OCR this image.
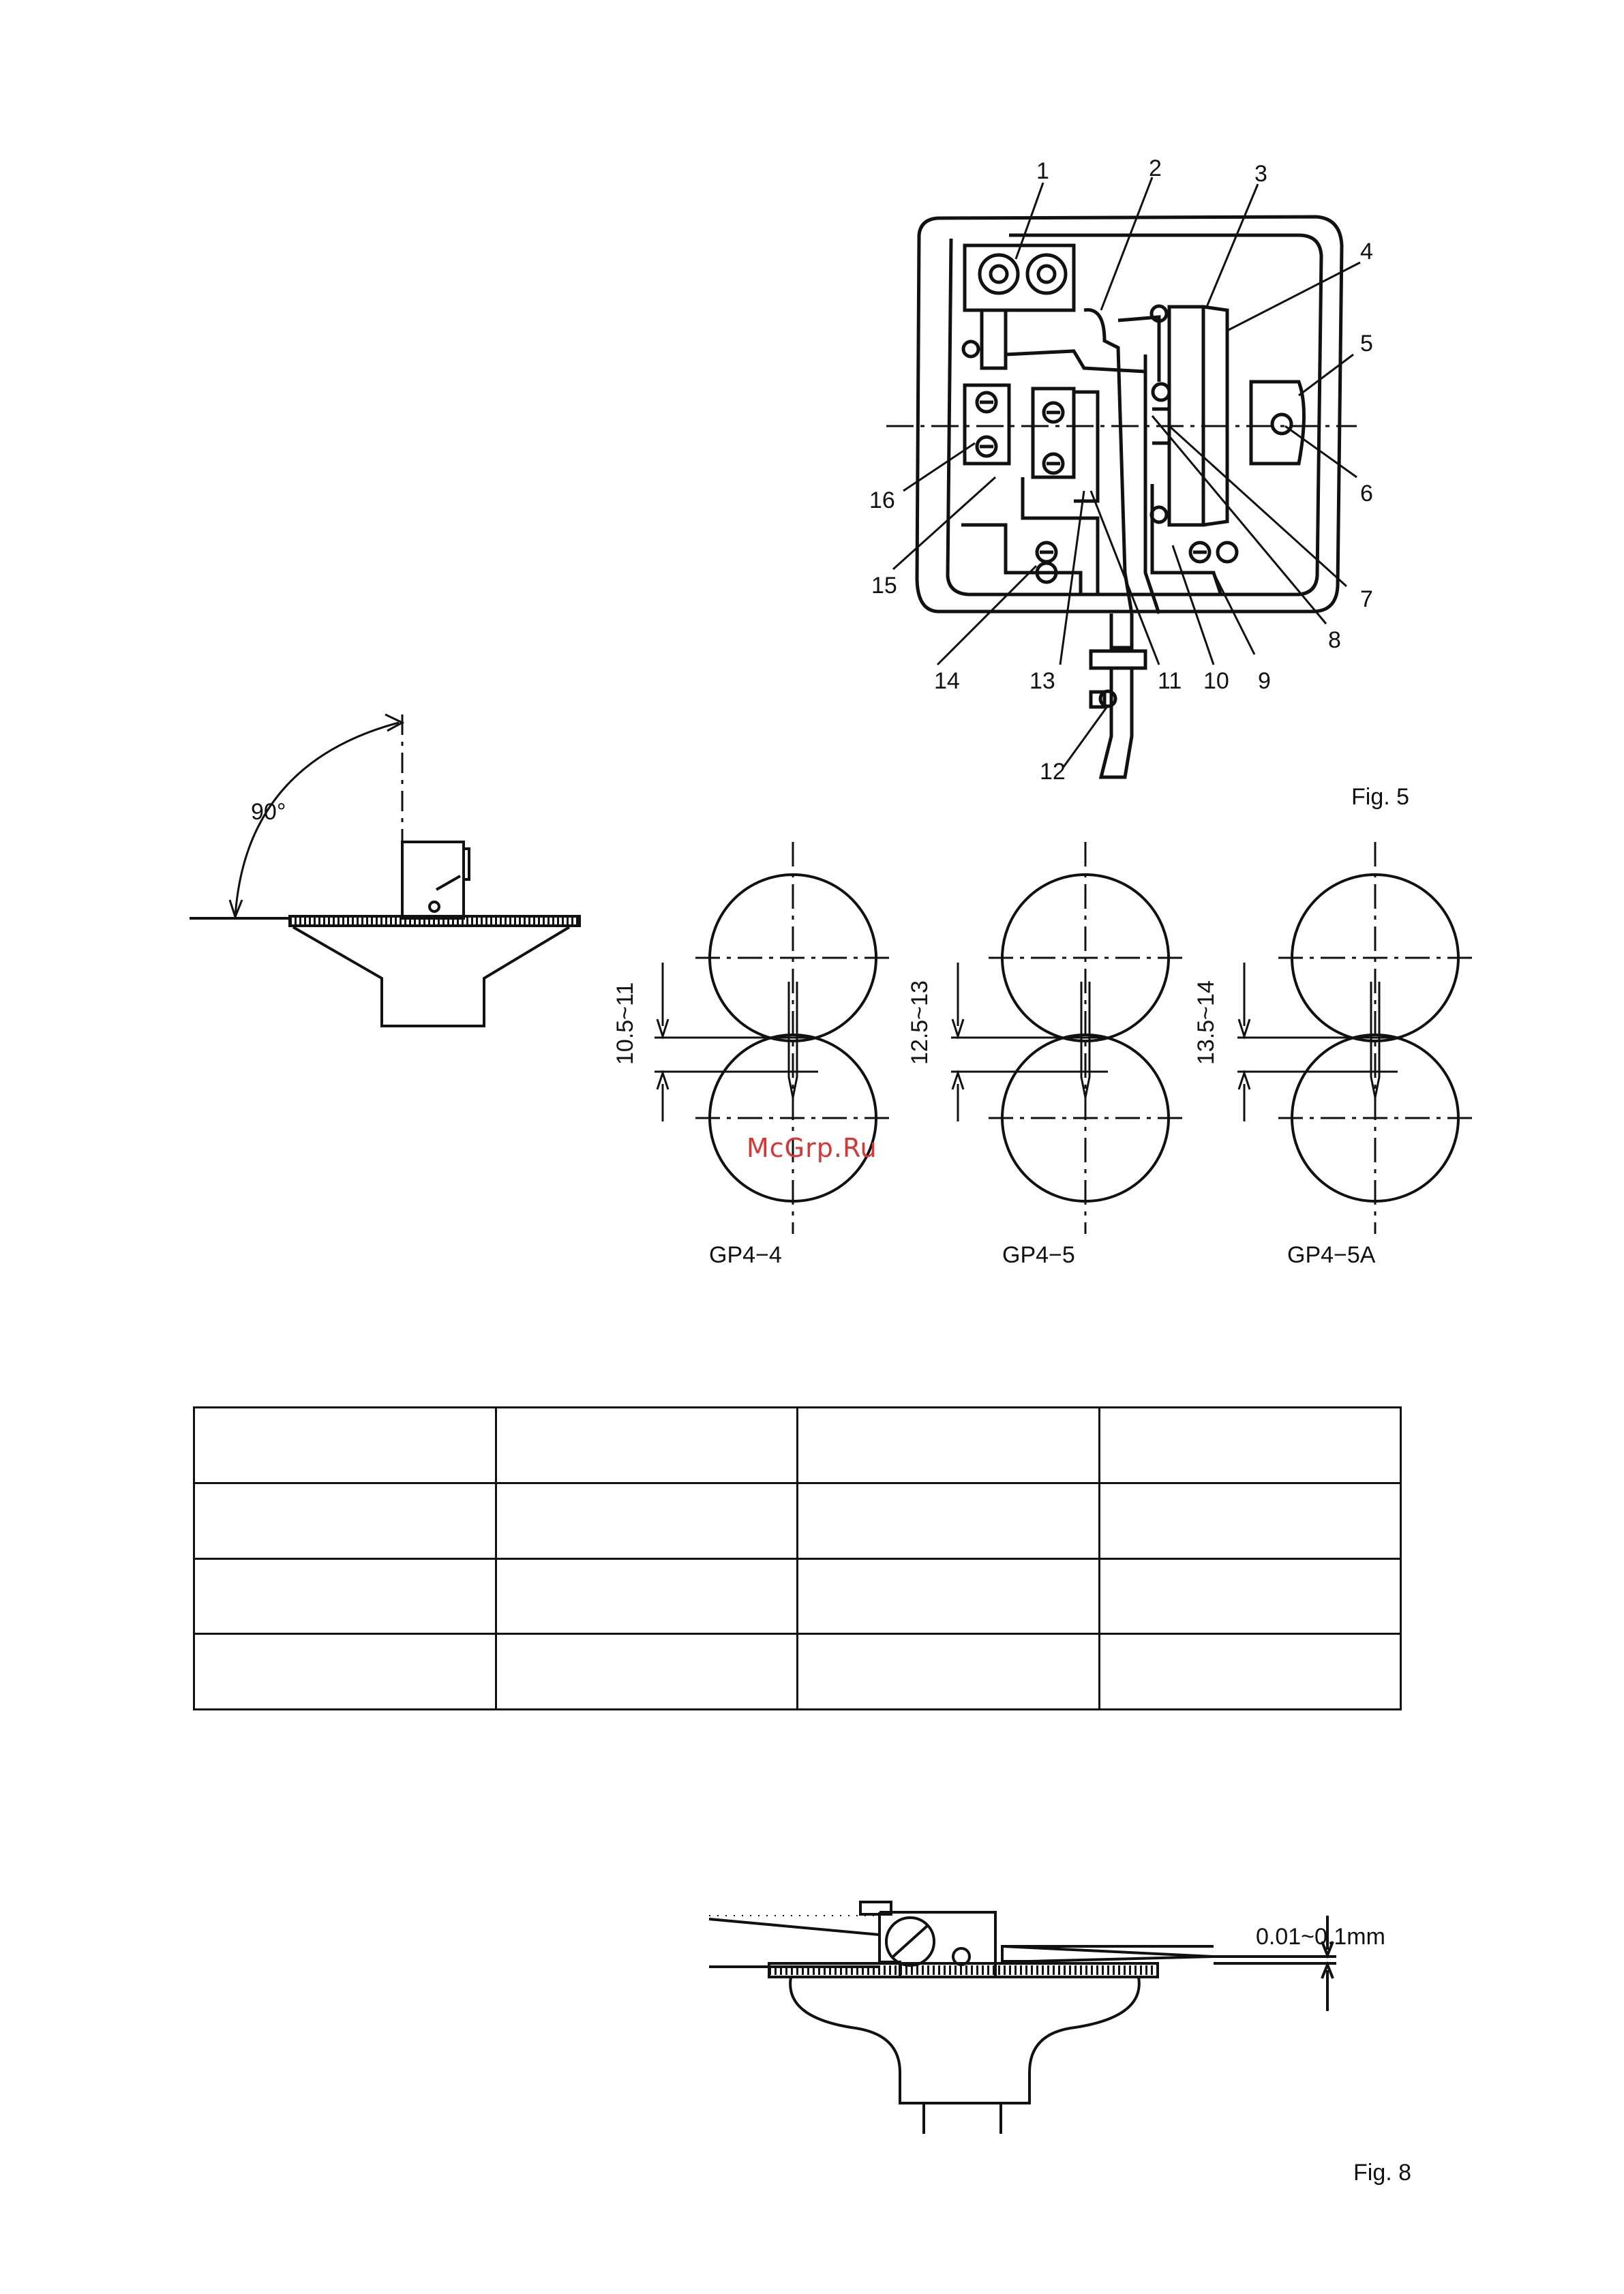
1	2	3
4
5
6
7
8
9
10
11
12
13
14
15
16
Fig. 5
90°
10.5~11	12.5~13	13.5~14
GP4−4	GP4−5	GP4−5A
McGrp.Ru

0.01~0.1mm
Fig. 8
